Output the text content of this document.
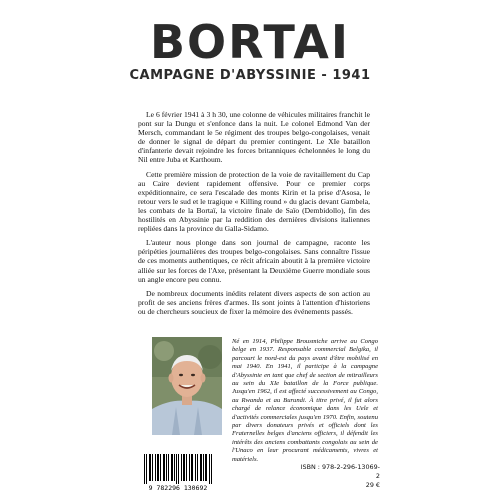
BORTAI
CAMPAGNE D'ABYSSINIE - 1941

Le 6 février 1941 à 3 h 30, une colonne de véhicules militaires franchit le pont sur la Dungu et s'enfonce dans la nuit. Le colonel Edmond Van der Mersch, commandant le 5e régiment des troupes belgo-congolaises, venait de donner le signal de départ du premier contingent. Le XIe bataillon d'infanterie devait rejoindre les forces britanniques échelonnées le long du Nil entre Juba et Karthoum.

Cette première mission de protection de la voie de ravitaillement du Cap au Caire devient rapidement offensive. Pour ce premier corps expéditionnaire, ce sera l'escalade des monts Kirin et la prise d'Asosa, le retour vers le sud et le tragique « Killing round » du glacis devant Gambela, les combats de la Bortaï, la victoire finale de Saïo (Dembidollo), fin des hostilités en Abyssinie par la reddition des dernières divisions italiennes repliées dans la province du Galla-Sidamo.

L'auteur nous plonge dans son journal de campagne, raconte les péripéties journalières des troupes belgo-congolaises. Sans connaître l'issue de ces moments authentiques, ce récit africain aboutit à la première victoire alliée sur les forces de l'Axe, présentant la Deuxième Guerre mondiale sous un angle encore peu connu.

De nombreux documents inédits relatent divers aspects de son action au profit de ses anciens frères d'armes. Ils sont joints à l'attention d'historiens ou de chercheurs soucieux de fixer la mémoire des événements passés.

Né en 1914, Philippe Brousmiche arrive au Congo belge en 1937. Responsable commercial Belgika, il parcourt le nord-est du pays avant d'être mobilisé en mai 1940. En 1941, il participe à la campagne d'Abyssinie en tant que chef de section de mitrailleurs au sein du XIe bataillon de la Force publique. Jusqu'en 1962, il est affecté successivement au Congo, au Rwanda et au Burundi. À titre privé, il fut alors chargé de relance économique dans les Uele et d'activités commerciales jusqu'en 1970. Enfin, soutenu par divers donateurs privés et officiels dont les Fraternelles belges d'anciens officiers, il défendit les intérêts des anciens combattants congolais au sein de l'Unaco en leur procurant médicaments, vivres et matériels.
9 782296 130692
ISBN : 978-2-296-13069-2
29 €
